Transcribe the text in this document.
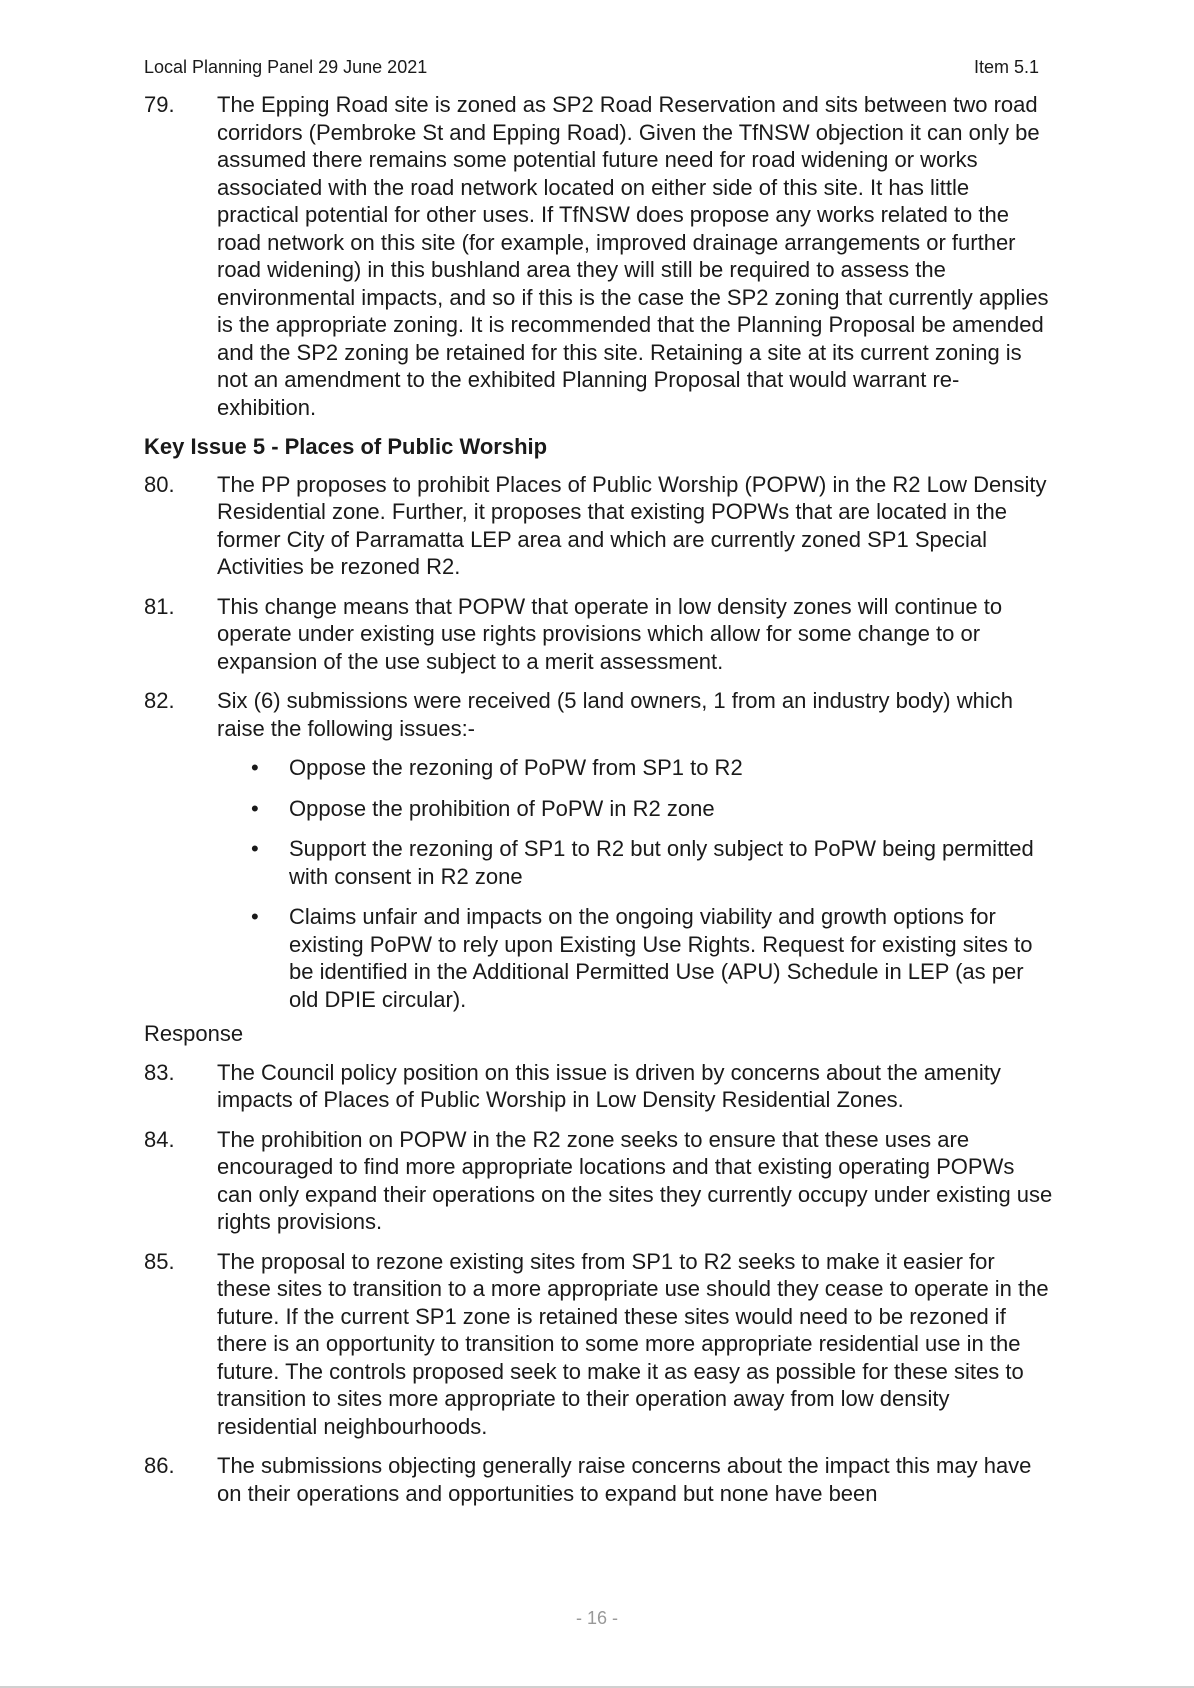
Local Planning Panel 29 June 2021	Item 5.1
79.	The Epping Road site is zoned as SP2 Road Reservation and sits between two road corridors (Pembroke St and Epping Road). Given the TfNSW objection it can only be assumed there remains some potential future need for road widening or works associated with the road network located on either side of this site. It has little practical potential for other uses. If TfNSW does propose any works related to the road network on this site (for example, improved drainage arrangements or further road widening) in this bushland area they will still be required to assess the environmental impacts, and so if this is the case the SP2 zoning that currently applies is the appropriate zoning. It is recommended that the Planning Proposal be amended and the SP2 zoning be retained for this site. Retaining a site at its current zoning is not an amendment to the exhibited Planning Proposal that would warrant re-exhibition.
Key Issue 5 - Places of Public Worship
80.	The PP proposes to prohibit Places of Public Worship (POPW) in the R2 Low Density Residential zone. Further, it proposes that existing POPWs that are located in the former City of Parramatta LEP area and which are currently zoned SP1 Special Activities be rezoned R2.
81.	This change means that POPW that operate in low density zones will continue to operate under existing use rights provisions which allow for some change to or expansion of the use subject to a merit assessment.
82.	Six (6) submissions were received (5 land owners, 1 from an industry body) which raise the following issues:-
•	Oppose the rezoning of PoPW from SP1 to R2
•	Oppose the prohibition of PoPW in R2 zone
•	Support the rezoning of SP1 to R2 but only subject to PoPW being permitted with consent in R2 zone
•	Claims unfair and impacts on the ongoing viability and growth options for existing PoPW to rely upon Existing Use Rights. Request for existing sites to be identified in the Additional Permitted Use (APU) Schedule in LEP (as per old DPIE circular).
Response
83.	The Council policy position on this issue is driven by concerns about the amenity impacts of Places of Public Worship in Low Density Residential Zones.
84.	The prohibition on POPW in the R2 zone seeks to ensure that these uses are encouraged to find more appropriate locations and that existing operating POPWs can only expand their operations on the sites they currently occupy under existing use rights provisions.
85.	The proposal to rezone existing sites from SP1 to R2 seeks to make it easier for these sites to transition to a more appropriate use should they cease to operate in the future. If the current SP1 zone is retained these sites would need to be rezoned if there is an opportunity to transition to some more appropriate residential use in the future. The controls proposed seek to make it as easy as possible for these sites to transition to sites more appropriate to their operation away from low density residential neighbourhoods.
86.	The submissions objecting generally raise concerns about the impact this may have on their operations and opportunities to expand but none have been
- 16 -
